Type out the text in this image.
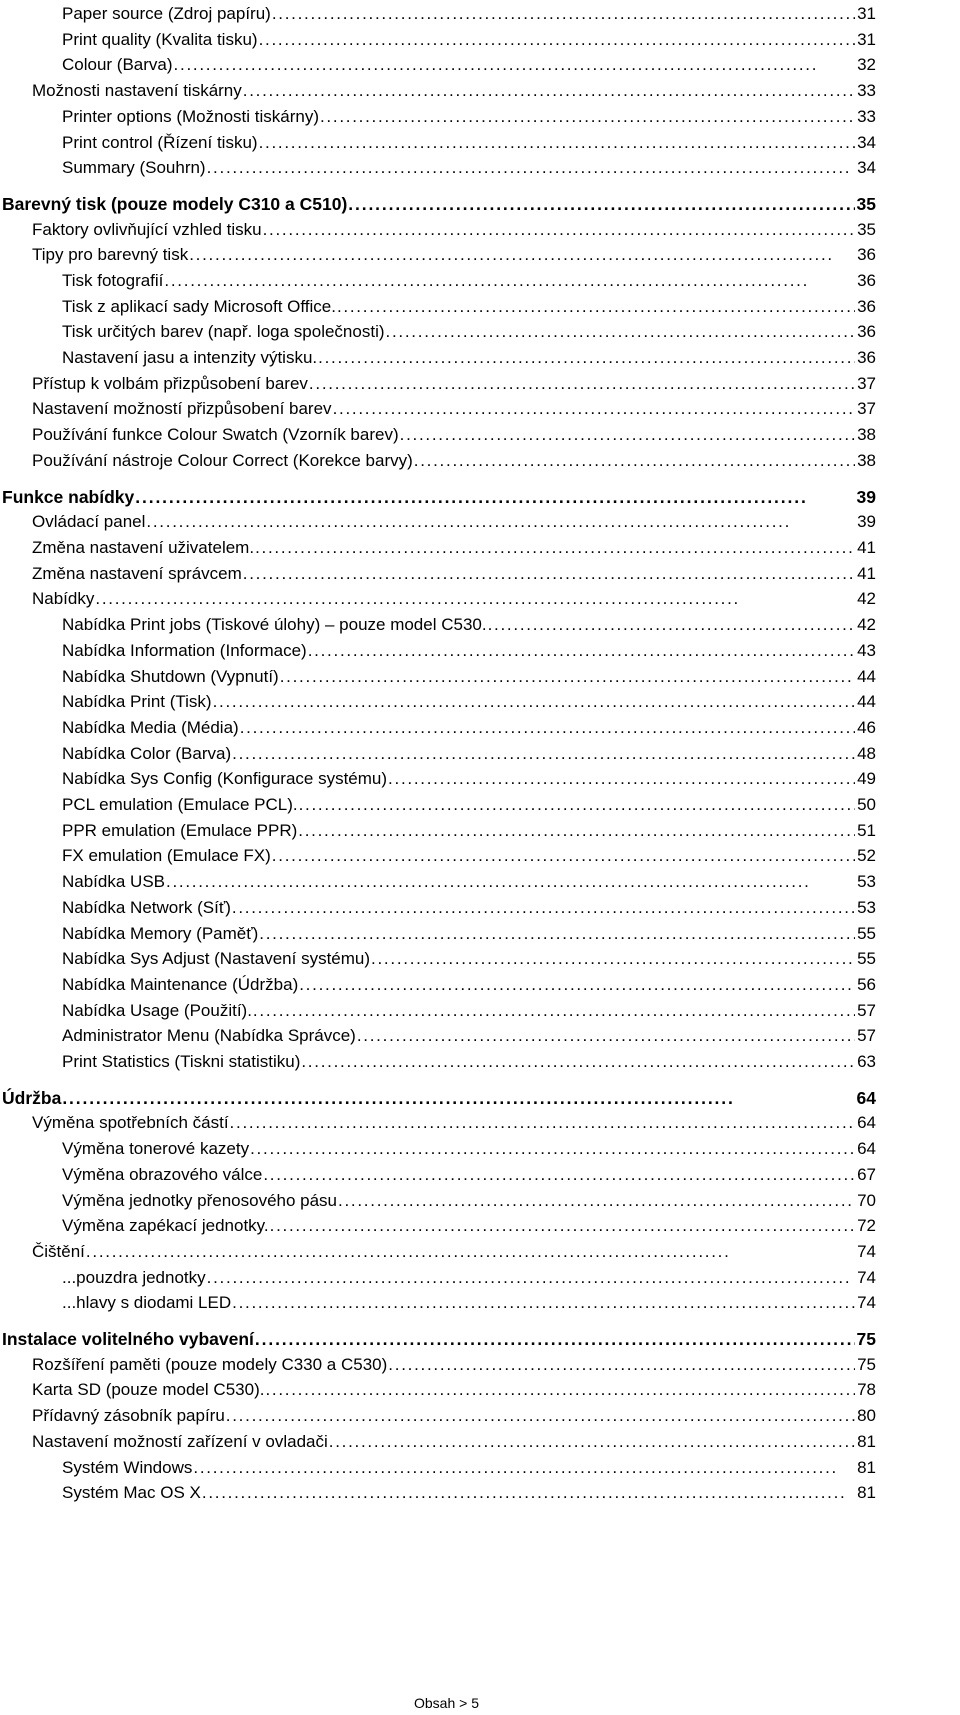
Paper source (Zdroj papíru) . . .	31
Print quality (Kvalita tisku) . . .	31
Colour (Barva) . . .	32
Možnosti nastavení tiskárny . . .	33
Printer options (Možnosti tiskárny) . . .	33
Print control (Řízení tisku) . . .	34
Summary (Souhrn) . . .	34
Barevný tisk (pouze modely C310 a C510) . . .	35
Faktory ovlivňující vzhled tisku . . .	35
Tipy pro barevný tisk . . .	36
Tisk fotografií . . .	36
Tisk z aplikací sady Microsoft Office. . . .	36
Tisk určitých barev (např. loga společnosti) . . .	36
Nastavení jasu a intenzity výtisku. . . .	36
Přístup k volbám přizpůsobení barev . . .	37
Nastavení možností přizpůsobení barev . . .	37
Používání funkce Colour Swatch (Vzorník barev) . . .	38
Používání nástroje Colour Correct (Korekce barvy) . . .	38
Funkce nabídky . . .	39
Ovládací panel . . .	39
Změna nastavení uživatelem. . . .	41
Změna nastavení správcem . . .	41
Nabídky . . .	42
Nabídka Print jobs (Tiskové úlohy) – pouze model C530. . . .	42
Nabídka Information (Informace) . . .	43
Nabídka Shutdown (Vypnutí) . . .	44
Nabídka Print (Tisk) . . .	44
Nabídka Media (Média) . . .	46
Nabídka Color (Barva) . . .	48
Nabídka Sys Config (Konfigurace systému) . . .	49
PCL emulation (Emulace PCL). . . .	50
PPR emulation (Emulace PPR) . . .	51
FX emulation (Emulace FX) . . .	52
Nabídka USB . . .	53
Nabídka Network (Síť) . . .	53
Nabídka Memory (Paměť) . . .	55
Nabídka Sys Adjust (Nastavení systému) . . .	55
Nabídka Maintenance (Údržba) . . .	56
Nabídka Usage (Použití). . . .	57
Administrator Menu (Nabídka Správce) . . .	57
Print Statistics (Tiskni statistiku) . . .	63
Údržba . . .	64
Výměna spotřebních částí . . .	64
Výměna tonerové kazety . . .	64
Výměna obrazového válce . . .	67
Výměna jednotky přenosového pásu . . .	70
Výměna zapékací jednotky. . . .	72
Čištění . . .	74
...pouzdra jednotky . . .	74
...hlavy s diodami LED . . .	74
Instalace volitelného vybavení . . .	75
Rozšíření paměti (pouze modely C330 a C530) . . .	75
Karta SD (pouze model C530). . . .	78
Přídavný zásobník papíru . . .	80
Nastavení možností zařízení v ovladači . . .	81
Systém Windows . . .	81
Systém Mac OS X . . .	81
Obsah > 5
